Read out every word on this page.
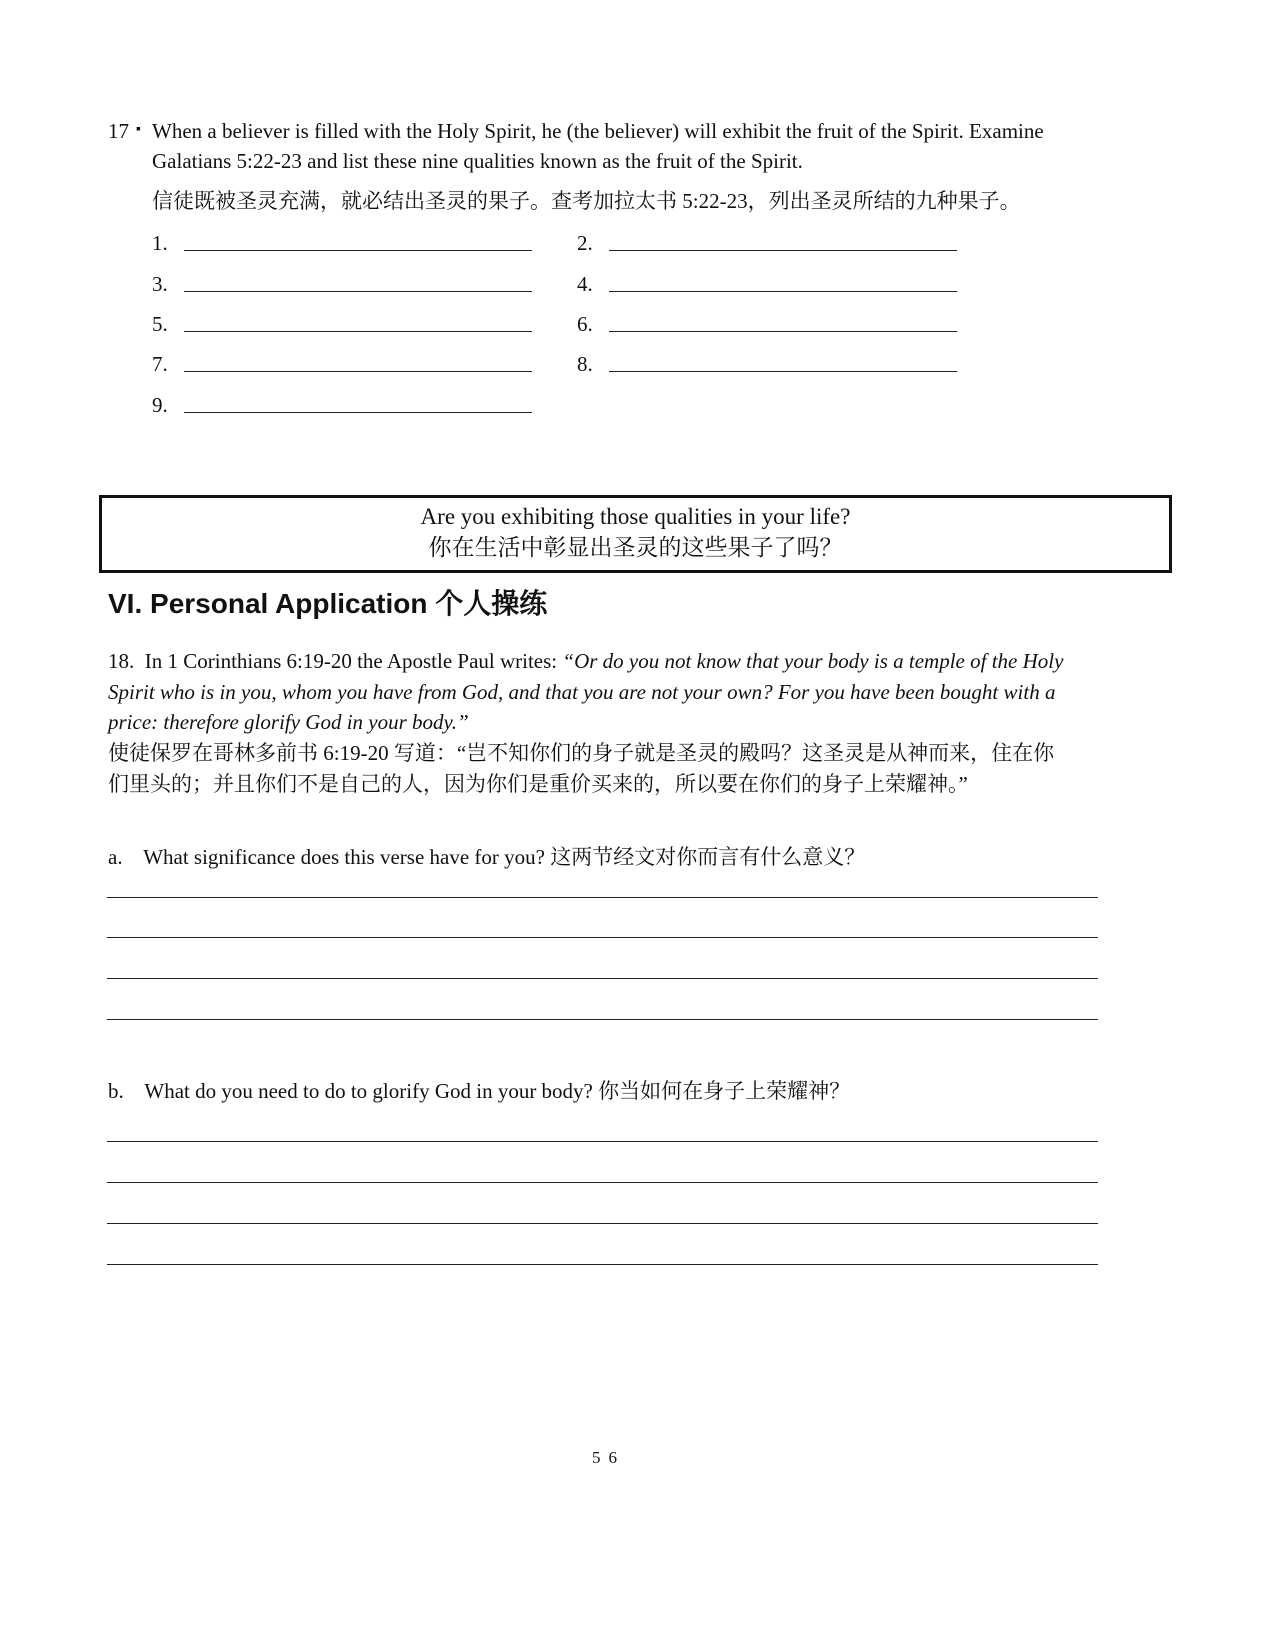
17 ▪ When a believer is filled with the Holy Spirit, he (the believer) will exhibit the fruit of the Spirit. Examine
Galatians 5:22-23 and list these nine qualities known as the fruit of the Spirit.
信徒既被圣灵充满，就必结出圣灵的果子。查考加拉太书 5:22-23，列出圣灵所结的九种果子。
1.	2.
3.	4.
5.	6.
7.	8.
9.
Are you exhibiting those qualities in your life?
你在生活中彰显出圣灵的这些果子了吗？
VI. Personal Application 个人操练
18. In 1 Corinthians 6:19-20 the Apostle Paul writes: “Or do you not know that your body is a temple of the Holy
Spirit who is in you, whom you have from God, and that you are not your own? For you have been bought with a
price: therefore glorify God in your body.”
使徒保罗在哥林多前书 6:19-20 写道：“岂不知你们的身子就是圣灵的殿吗？这圣灵是从神而来，住在你
们里头的；并且你们不是自己的人，因为你们是重价买来的，所以要在你们的身子上荣耀神。”
a. What significance does this verse have for you? 这两节经文对你而言有什么意义？
b. What do you need to do to glorify God in your body? 你当如何在身子上荣耀神？
56
